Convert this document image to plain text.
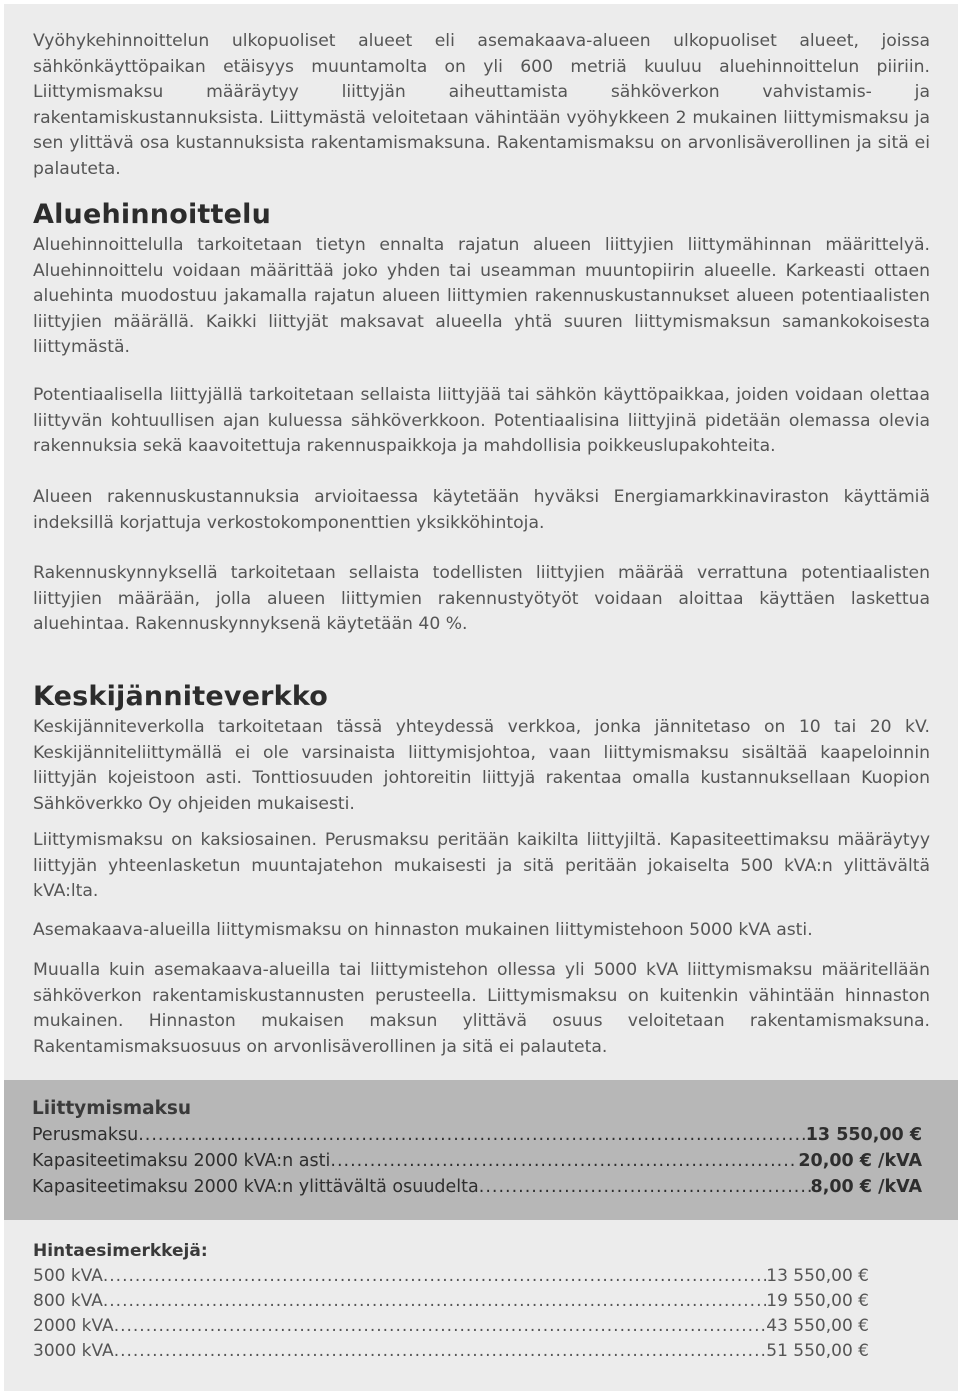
Vyöhykehinnoittelun ulkopuoliset alueet eli asemakaava-alueen ulkopuoliset alueet, joissa sähkönkäyttöpaikan etäisyys muuntamolta on yli 600 metriä kuuluu aluehinnoittelun piiriin. Liittymismaksu määräytyy liittyjän aiheuttamista sähköverkon vahvistamis- ja rakentamiskustannuksista. Liittymästä veloitetaan vähintään vyöhykkeen 2 mukainen liittymismaksu ja sen ylittävä osa kustannuksista rakentamismaksuna. Rakentamismaksu on arvonlisäverollinen ja sitä ei palauteta.

Aluehinnoittelu

Aluehinnoittelulla tarkoitetaan tietyn ennalta rajatun alueen liittyjien liittymähinnan määrittelyä. Aluehinnoittelu voidaan määrittää joko yhden tai useamman muuntopiirin alueelle. Karkeasti ottaen aluehinta muodostuu jakamalla rajatun alueen liittymien rakennuskustannukset alueen potentiaalisten liittyjien määrällä. Kaikki liittyjät maksavat alueella yhtä suuren liittymismaksun samankokoisesta liittymästä.

Potentiaalisella liittyjällä tarkoitetaan sellaista liittyjää tai sähkön käyttöpaikkaa, joiden voidaan olettaa liittyvän kohtuullisen ajan kuluessa sähköverkkoon. Potentiaalisina liittyjinä pidetään olemassa olevia rakennuksia sekä kaavoitettuja rakennuspaikkoja ja mahdollisia poikkeuslupakohteita.

Alueen rakennuskustannuksia arvioitaessa käytetään hyväksi Energiamarkkinaviraston käyttämiä indeksillä korjattuja verkostokomponenttien yksikköhintoja.

Rakennuskynnyksellä tarkoitetaan sellaista todellisten liittyjien määrää verrattuna potentiaalisten liittyjien määrään, jolla alueen liittymien rakennustyötyöt voidaan aloittaa käyttäen laskettua aluehintaa. Rakennuskynnyksenä käytetään 40 %.

Keskijänniteverkko

Keskijänniteverkolla tarkoitetaan tässä yhteydessä verkkoa, jonka jännitetaso on 10 tai 20 kV. Keskijänniteliittymällä ei ole varsinaista liittymisjohtoa, vaan liittymismaksu sisältää kaapeloinnin liittyjän kojeistoon asti. Tonttiosuuden johtoreitin liittyjä rakentaa omalla kustannuksellaan Kuopion Sähköverkko Oy ohjeiden mukaisesti.

Liittymismaksu on kaksiosainen. Perusmaksu peritään kaikilta liittyjiltä. Kapasiteettimaksu määräytyy liittyjän yhteenlasketun muuntajatehon mukaisesti ja sitä peritään jokaiselta 500 kVA:n ylittävältä kVA:lta.

Asemakaava-alueilla liittymismaksu on hinnaston mukainen liittymistehoon 5000 kVA asti.

Muualla kuin asemakaava-alueilla tai liittymistehon ollessa yli 5000 kVA liittymismaksu määritellään sähköverkon rakentamiskustannusten perusteella. Liittymismaksu on kuitenkin vähintään hinnaston mukainen. Hinnaston mukaisen maksun ylittävä osuus veloitetaan rakentamismaksuna. Rakentamismaksuosuus on arvonlisäverollinen ja sitä ei palauteta.

Liittymismaksu
Perusmaksu .....	13 550,00 €
Kapasiteetimaksu 2000 kVA:n asti .....	20,00 € /kVA
Kapasiteetimaksu 2000 kVA:n ylittävältä osuudelta .....	8,00 € /kVA
Hintaesimerkkejä:
500 kVA .....	13 550,00 €
800 kVA .....	19 550,00 €
2000 kVA .....	43 550,00 €
3000 kVA .....	51 550,00 €
